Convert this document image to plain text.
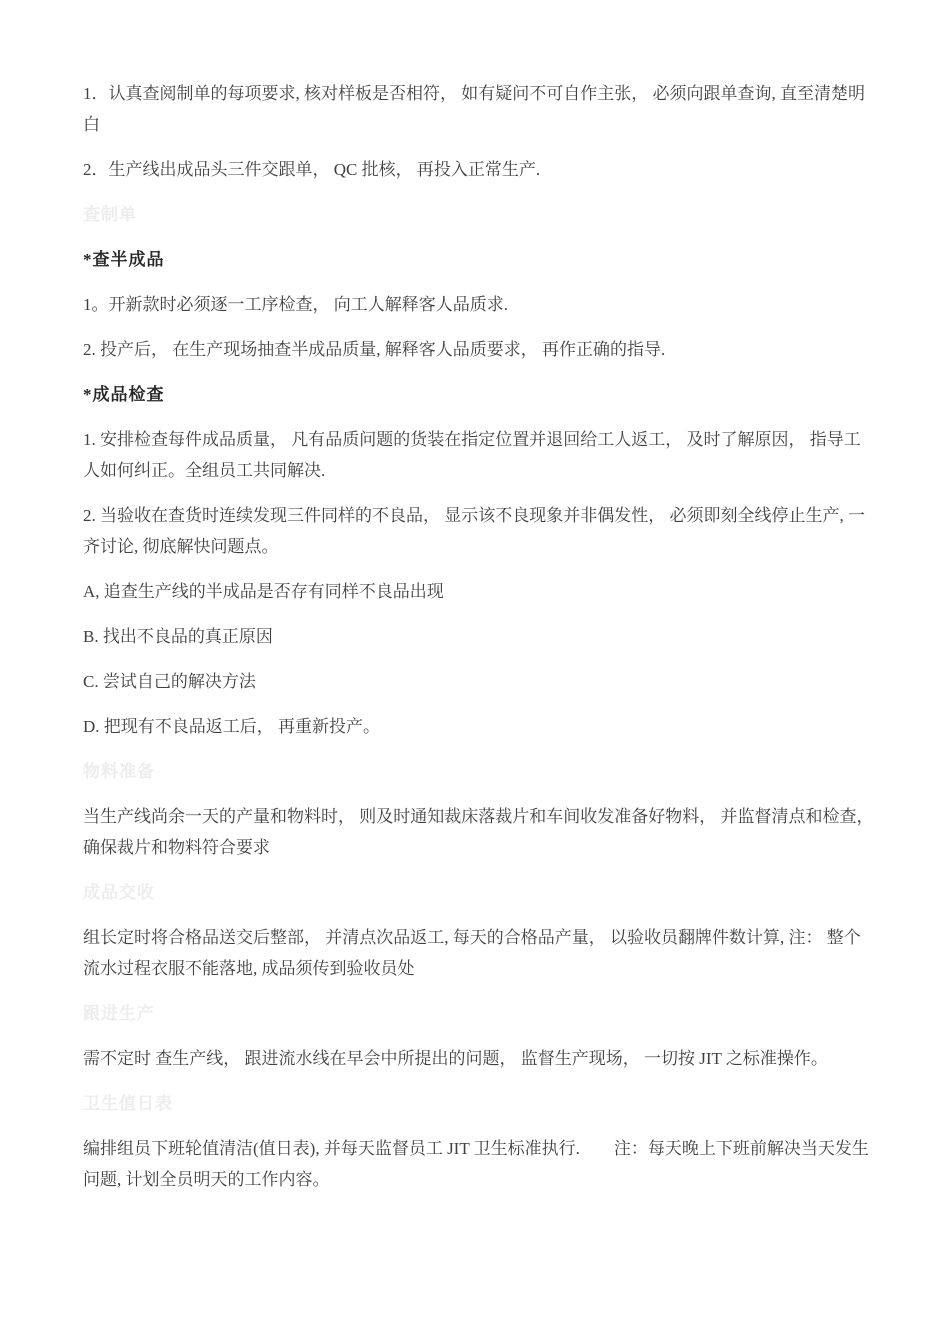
1．认真查阅制单的每项要求, 核对样板是否相符， 如有疑问不可自作主张， 必须向跟单查询, 直至清楚明白

2．生产线出成品头三件交跟单， QC 批核， 再投入正常生产.

查制单

*查半成品

1。开新款时必须逐一工序检查， 向工人解释客人品质求.

2. 投产后， 在生产现场抽查半成品质量, 解释客人品质要求， 再作正确的指导.

*成品检查

1. 安排检查每件成品质量， 凡有品质问题的货装在指定位置并退回给工人返工， 及时了解原因， 指导工人如何纠正。全组员工共同解决.

2. 当验收在查货时连续发现三件同样的不良品， 显示该不良现象并非偶发性， 必须即刻全线停止生产, 一齐讨论, 彻底解快问题点。

A, 追查生产线的半成品是否存有同样不良品出现

B. 找出不良品的真正原因

C. 尝试自己的解决方法

D. 把现有不良品返工后， 再重新投产。

物料准备

当生产线尚余一天的产量和物料时， 则及时通知裁床落裁片和车间收发准备好物料， 并监督清点和检查， 确保裁片和物料符合要求

成品交收

组长定时将合格品送交后整部， 并清点次品返工, 每天的合格品产量， 以验收员翻牌件数计算, 注： 整个流水过程衣服不能落地, 成品须传到验收员处

跟进生产

需不定时 查生产线， 跟进流水线在早会中所提出的问题， 监督生产现场， 一切按 JIT 之标准操作。

卫生值日表

编排组员下班轮值清洁(值日表), 并每天监督员工 JIT 卫生标准执行.　　注：每天晚上下班前解决当天发生问题, 计划全员明天的工作内容。
